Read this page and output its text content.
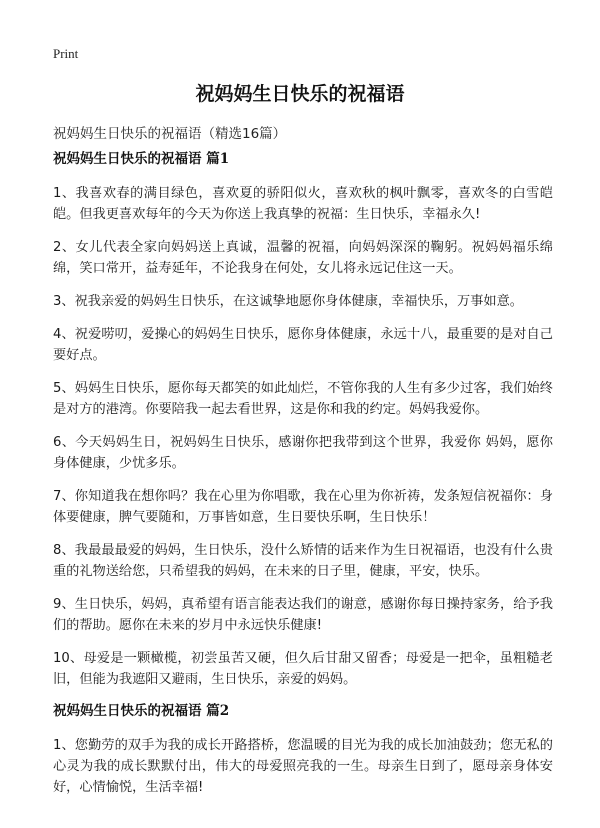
Print
祝妈妈生日快乐的祝福语

祝妈妈生日快乐的祝福语（精选16篇）

祝妈妈生日快乐的祝福语 篇1

1、我喜欢春的满目绿色，喜欢夏的骄阳似火，喜欢秋的枫叶飘零，喜欢冬的白雪皑皑。但我更喜欢每年的今天为你送上我真挚的祝福：生日快乐，幸福永久!

2、女儿代表全家向妈妈送上真诚，温馨的祝福，向妈妈深深的鞠躬。祝妈妈福乐绵绵，笑口常开，益寿延年，不论我身在何处，女儿将永远记住这一天。

3、祝我亲爱的妈妈生日快乐，在这诚挚地愿你身体健康，幸福快乐，万事如意。

4、祝爱唠叨，爱操心的妈妈生日快乐，愿你身体健康，永远十八，最重要的是对自己要好点。

5、妈妈生日快乐，愿你每天都笑的如此灿烂，不管你我的人生有多少过客，我们始终是对方的港湾。你要陪我一起去看世界，这是你和我的约定。妈妈我爱你。

6、今天妈妈生日，祝妈妈生日快乐，感谢你把我带到这个世界，我爱你 妈妈，愿你身体健康，少忧多乐。

7、你知道我在想你吗？我在心里为你唱歌，我在心里为你祈祷，发条短信祝福你：身体要健康，脾气要随和，万事皆如意，生日要快乐啊，生日快乐！

8、我最最最爱的妈妈，生日快乐，没什么矫情的话来作为生日祝福语，也没有什么贵重的礼物送给您，只希望我的妈妈，在未来的日子里，健康，平安，快乐。

9、生日快乐，妈妈，真希望有语言能表达我们的谢意，感谢你每日操持家务，给予我们的帮助。愿你在未来的岁月中永远快乐健康!

10、母爱是一颗橄榄，初尝虽苦又硬，但久后甘甜又留香；母爱是一把伞，虽粗糙老旧，但能为我遮阳又避雨，生日快乐，亲爱的妈妈。

祝妈妈生日快乐的祝福语 篇2

1、您勤劳的双手为我的成长开路搭桥，您温暖的目光为我的成长加油鼓劲；您无私的心灵为我的成长默默付出，伟大的母爱照亮我的一生。母亲生日到了，愿母亲身体安好，心情愉悦，生活幸福!
